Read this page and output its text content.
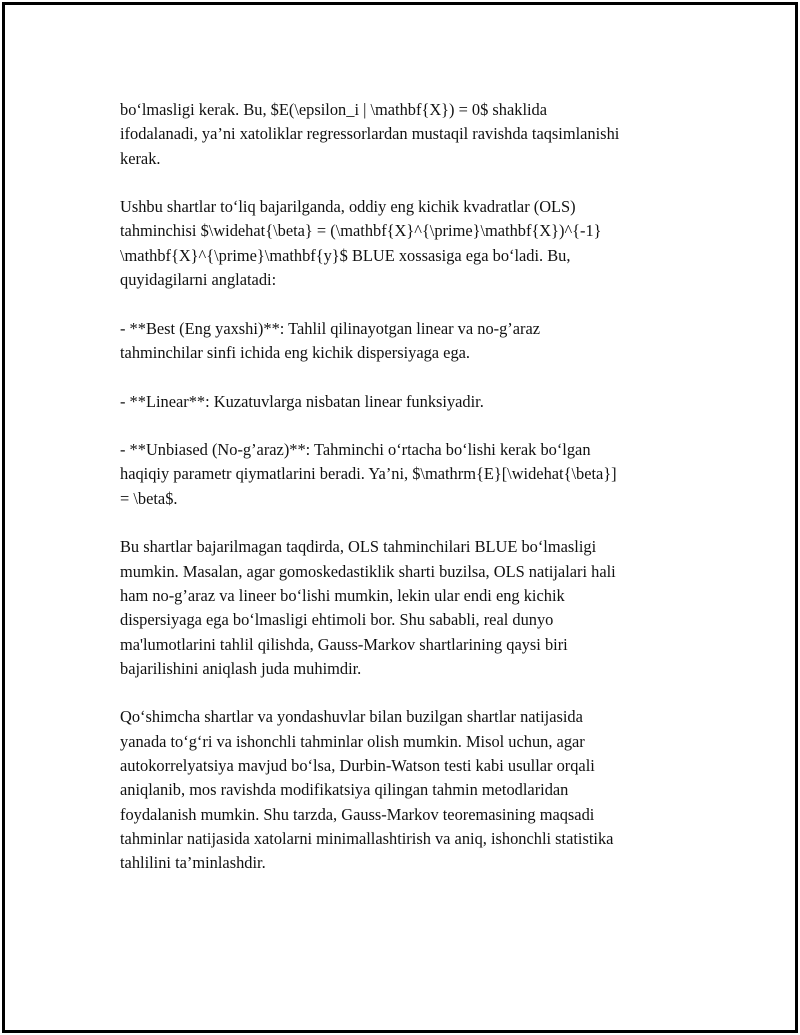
bo‘lmasligi kerak. Bu, $E(\epsilon_i | \mathbf{X}) = 0$ shaklida
ifodalanadi, ya’ni xatoliklar regressorlardan mustaqil ravishda taqsimlanishi
kerak.

Ushbu shartlar to‘liq bajarilganda, oddiy eng kichik kvadratlar (OLS)
tahminchisi $\widehat{\beta} = (\mathbf{X}^{\prime}\mathbf{X})^{-1}
\mathbf{X}^{\prime}\mathbf{y}$ BLUE xossasiga ega bo‘ladi. Bu,
quyidagilarni anglatadi:

- **Best (Eng yaxshi)**: Tahlil qilinayotgan linear va no-g’araz
tahminchilar sinfi ichida eng kichik dispersiyaga ega.

- **Linear**: Kuzatuvlarga nisbatan linear funksiyadir.

- **Unbiased (No-g’araz)**: Tahminchi o‘rtacha bo‘lishi kerak bo‘lgan
haqiqiy parametr qiymatlarini beradi. Ya’ni, $\mathrm{E}[\widehat{\beta}]
= \beta$.

Bu shartlar bajarilmagan taqdirda, OLS tahminchilari BLUE bo‘lmasligi
mumkin. Masalan, agar gomoskedastiklik sharti buzilsa, OLS natijalari hali
ham no-g’araz va lineer bo‘lishi mumkin, lekin ular endi eng kichik
dispersiyaga ega bo‘lmasligi ehtimoli bor. Shu sababli, real dunyo
ma'lumotlarini tahlil qilishda, Gauss-Markov shartlarining qaysi biri
bajarilishini aniqlash juda muhimdir.

Qo‘shimcha shartlar va yondashuvlar bilan buzilgan shartlar natijasida
yanada to‘g‘ri va ishonchli tahminlar olish mumkin. Misol uchun, agar
autokorrelyatsiya mavjud bo‘lsa, Durbin-Watson testi kabi usullar orqali
aniqlanib, mos ravishda modifikatsiya qilingan tahmin metodlaridan
foydalanish mumkin. Shu tarzda, Gauss-Markov teoremasining maqsadi
tahminlar natijasida xatolarni minimallashtirish va aniq, ishonchli statistika
tahlilini ta’minlashdir.
